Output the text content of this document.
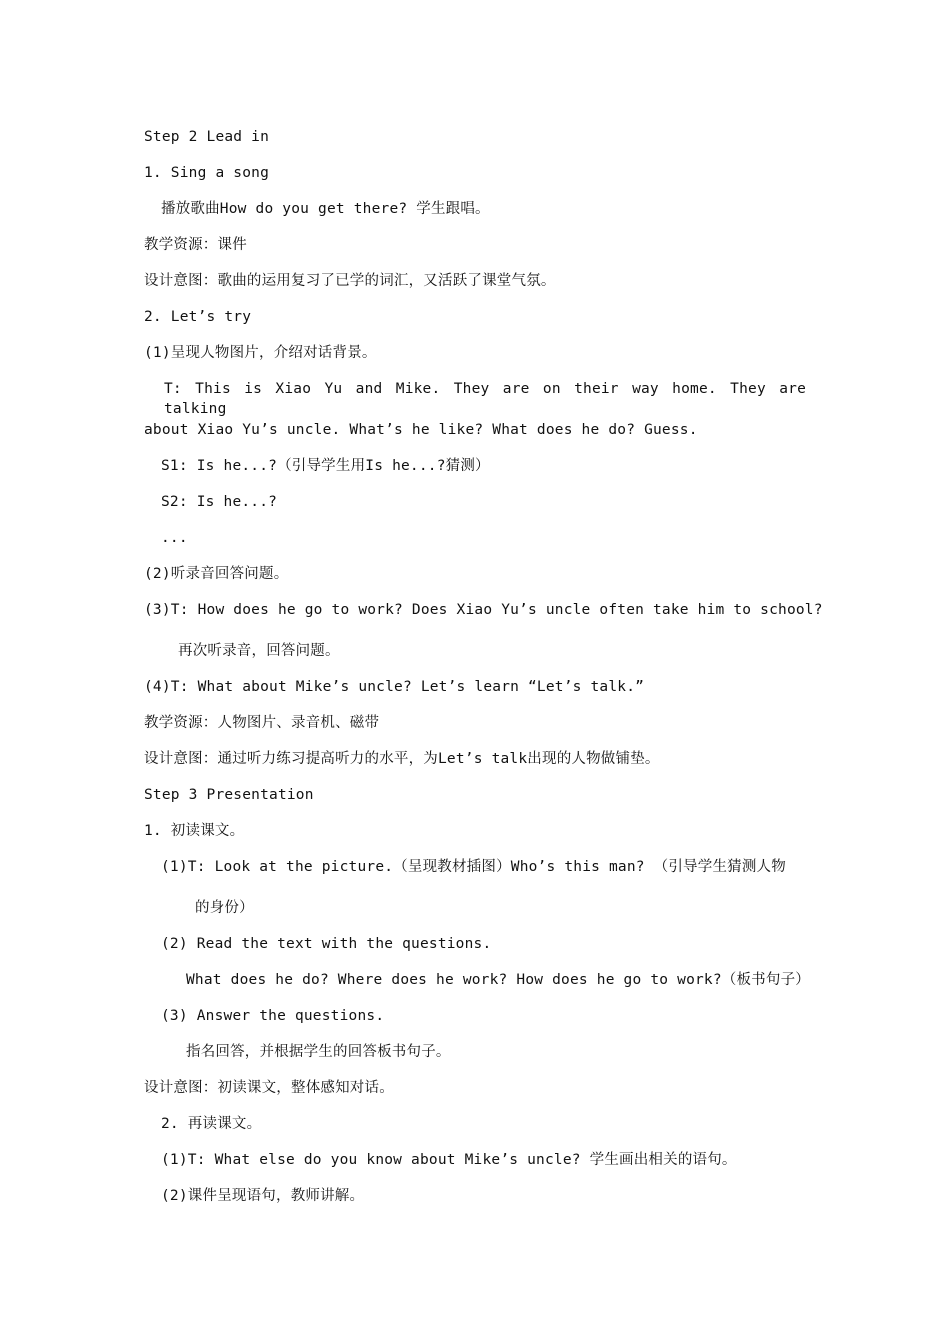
Step 2 Lead in
1. Sing a song
播放歌曲How do you get there? 学生跟唱。
教学资源：课件
设计意图：歌曲的运用复习了已学的词汇，又活跃了课堂气氛。
2. Let’s try
(1)呈现人物图片，介绍对话背景。
T: This is Xiao Yu and Mike. They are on their way home. They are talking
about Xiao Yu’s uncle. What’s he like? What does he do? Guess.
S1: Is he...?（引导学生用Is he...?猜测）
S2: Is he...?
...
(2)听录音回答问题。
(3)T: How does he go to work? Does Xiao Yu’s uncle often take him to school?
再次听录音，回答问题。
(4)T: What about Mike’s uncle? Let’s learn “Let’s talk.”
教学资源：人物图片、录音机、磁带
设计意图：通过听力练习提高听力的水平，为Let’s talk出现的人物做铺垫。
Step 3 Presentation
1. 初读课文。
(1)T: Look at the picture.（呈现教材插图）Who’s this man? （引导学生猜测人物
的身份）
(2) Read the text with the questions.
What does he do? Where does he work? How does he go to work?（板书句子）
(3) Answer the questions.
指名回答，并根据学生的回答板书句子。
设计意图：初读课文，整体感知对话。
2. 再读课文。
(1)T: What else do you know about Mike’s uncle? 学生画出相关的语句。
(2)课件呈现语句，教师讲解。
